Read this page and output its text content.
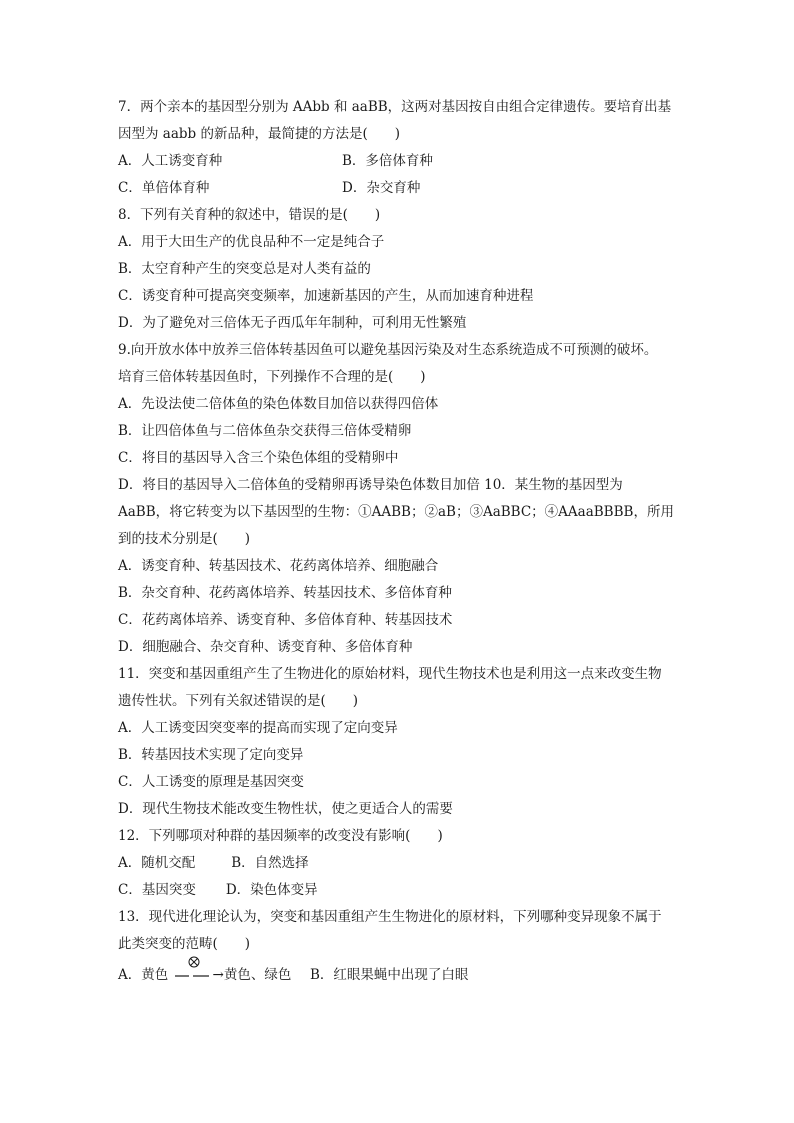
7．两个亲本的基因型分别为 AAbb 和 aaBB，这两对基因按自由组合定律遗传。要培育出基
因型为 aabb 的新品种，最简捷的方法是(　　)
A．人工诱变育种	B．多倍体育种
C．单倍体育种	D．杂交育种
8．下列有关育种的叙述中，错误的是(　　)
A．用于大田生产的优良品种不一定是纯合子
B．太空育种产生的突变总是对人类有益的
C．诱变育种可提高突变频率，加速新基因的产生，从而加速育种进程
D．为了避免对三倍体无子西瓜年年制种，可利用无性繁殖
9.向开放水体中放养三倍体转基因鱼可以避免基因污染及对生态系统造成不可预测的破坏。
培育三倍体转基因鱼时，下列操作不合理的是(　　)
A．先设法使二倍体鱼的染色体数目加倍以获得四倍体
B．让四倍体鱼与二倍体鱼杂交获得三倍体受精卵
C．将目的基因导入含三个染色体组的受精卵中
D．将目的基因导入二倍体鱼的受精卵再诱导染色体数目加倍 10．某生物的基因型为
AaBB，将它转变为以下基因型的生物：①AABB；②aB；③AaBBC；④AAaaBBBB，所用
到的技术分别是(　　)
A．诱变育种、转基因技术、花药离体培养、细胞融合
B．杂交育种、花药离体培养、转基因技术、多倍体育种
C．花药离体培养、诱变育种、多倍体育种、转基因技术
D．细胞融合、杂交育种、诱变育种、多倍体育种
11．突变和基因重组产生了生物进化的原始材料，现代生物技术也是利用这一点来改变生物
遗传性状。下列有关叙述错误的是(　　)
A．人工诱变因突变率的提高而实现了定向变异
B．转基因技术实现了定向变异
C．人工诱变的原理是基因突变
D．现代生物技术能改变生物性状，使之更适合人的需要
12．下列哪项对种群的基因频率的改变没有影响(　　)
A．随机交配	B．自然选择
C．基因突变 D．染色体变异
13．现代进化理论认为，突变和基因重组产生生物进化的原材料，下列哪种变异现象不属于
此类突变的范畴(　　)
A．黄色	→黄色、绿色 B．红眼果蝇中出现了白眼
